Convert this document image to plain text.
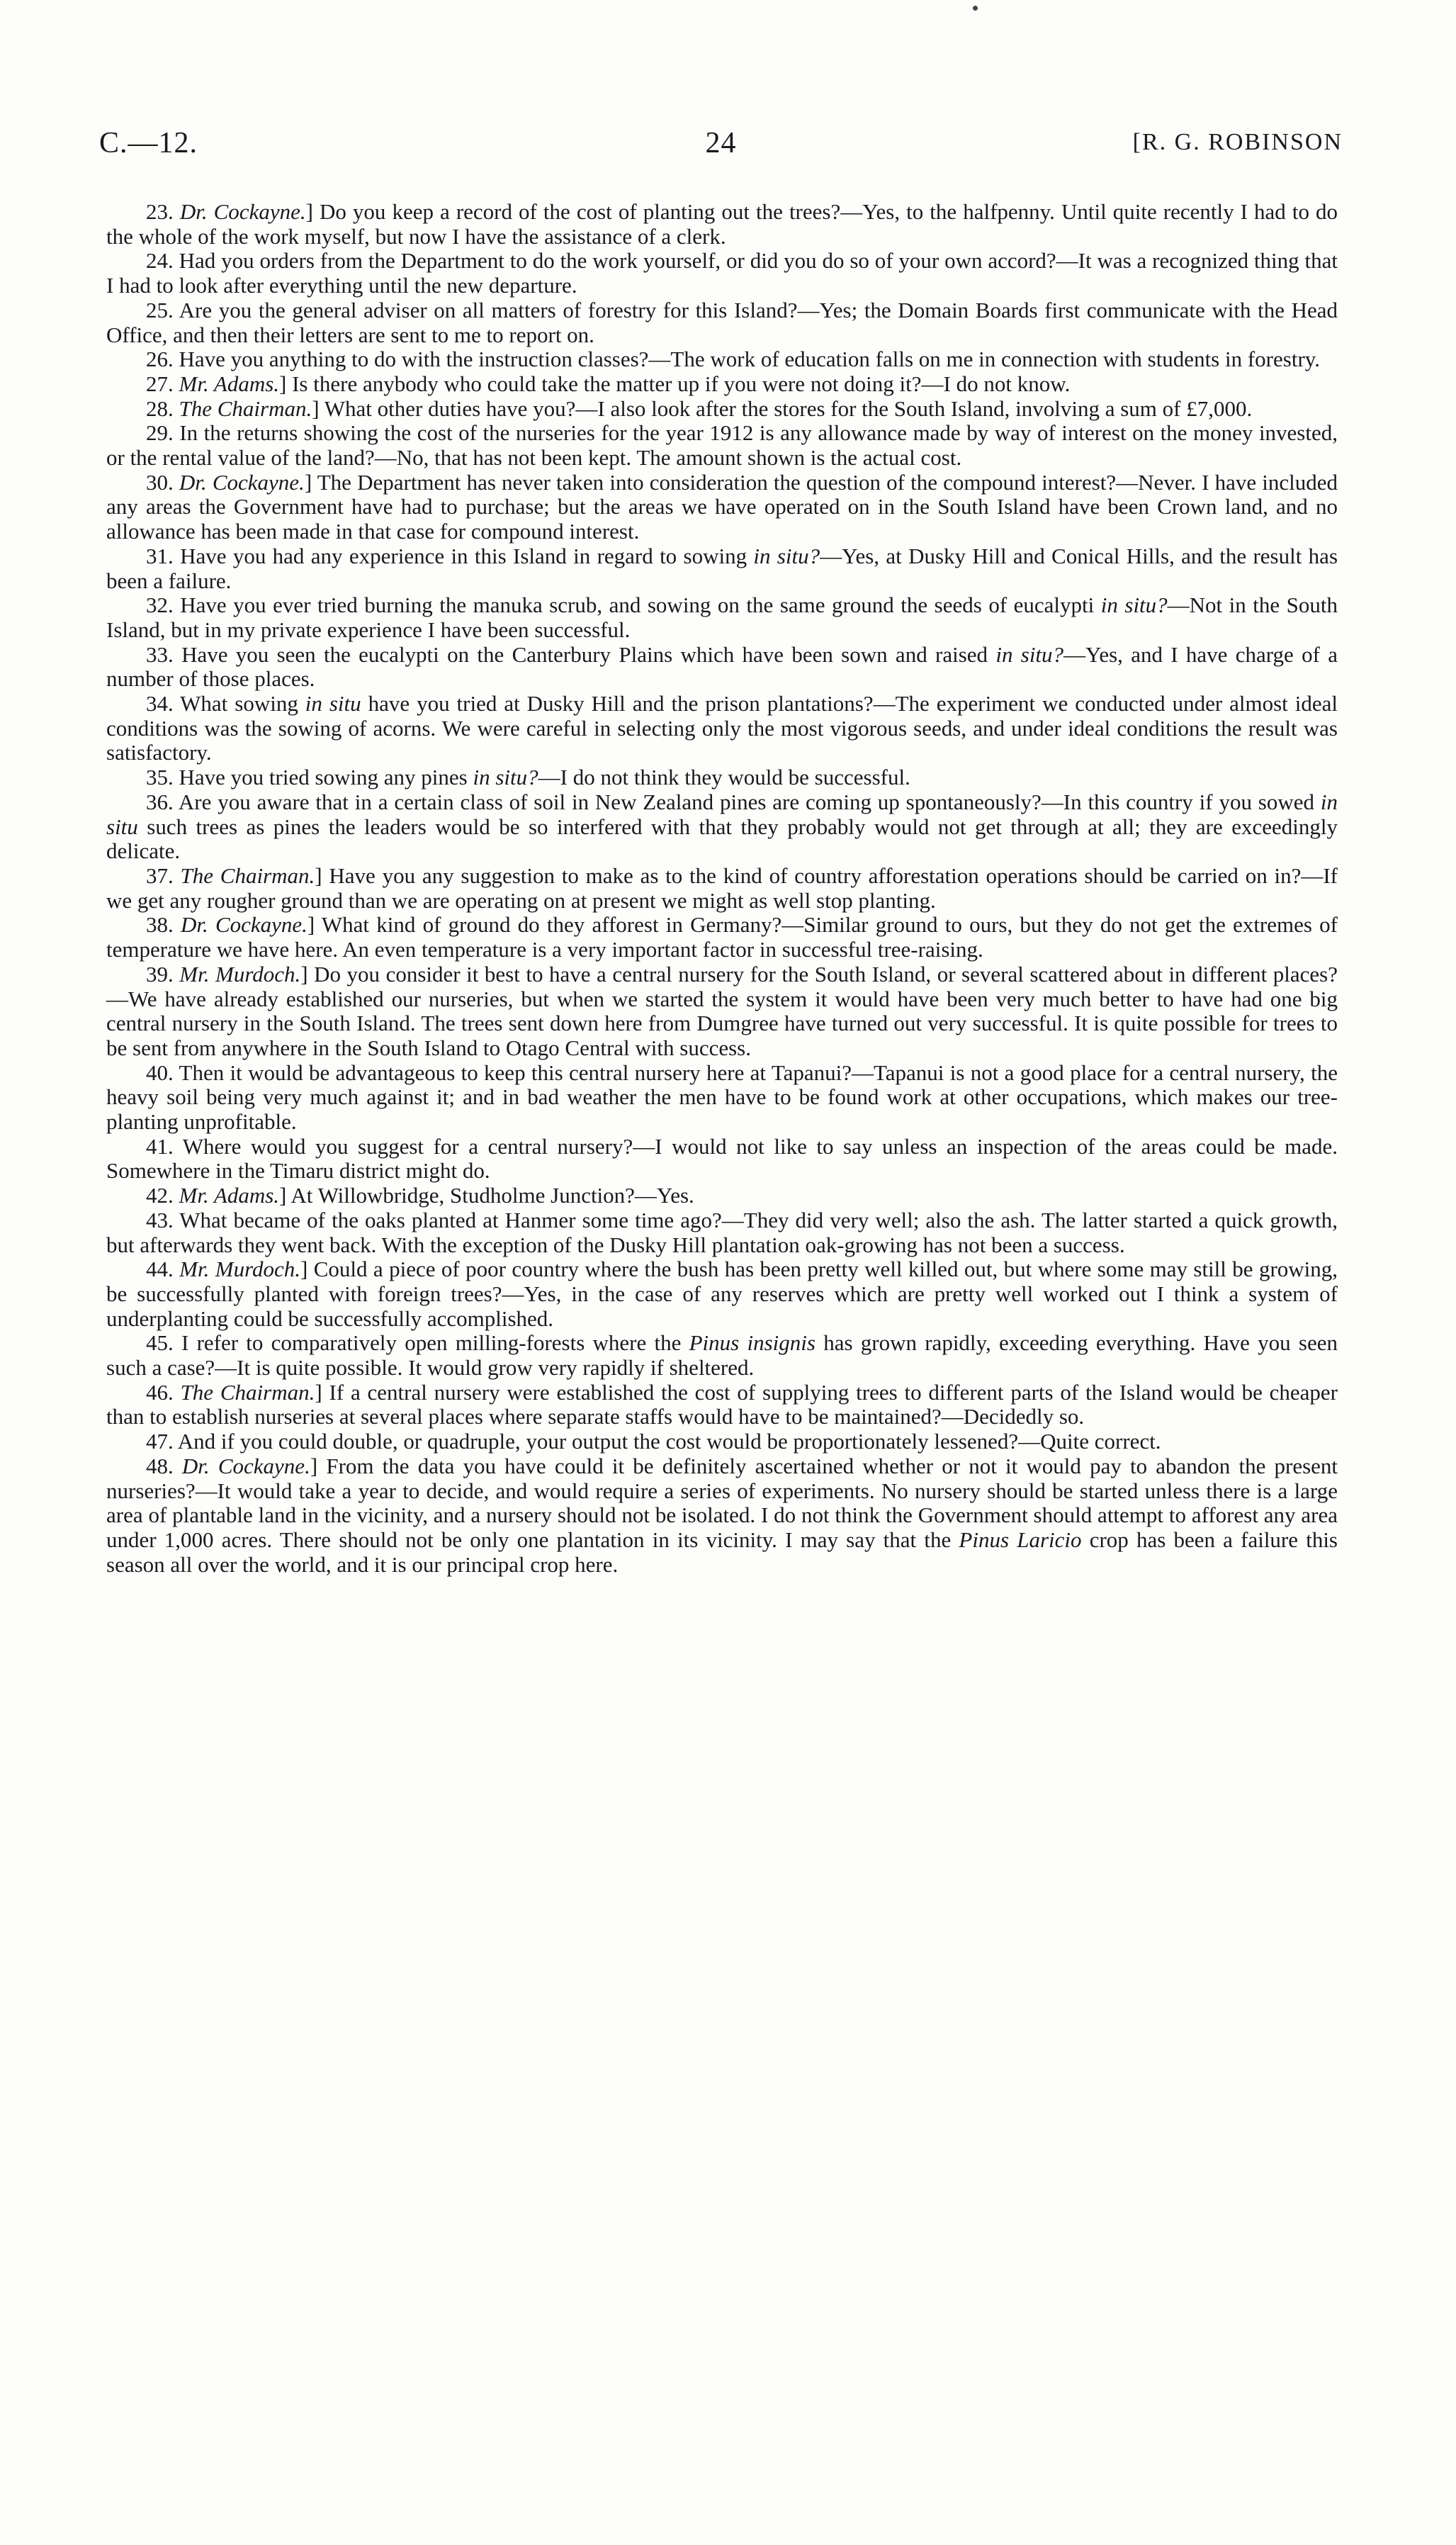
C.—12.	24	[R. G. ROBINSON

23. Dr. Cockayne.] Do you keep a record of the cost of planting out the trees?—Yes, to the halfpenny. Until quite recently I had to do the whole of the work myself, but now I have the assistance of a clerk.

24. Had you orders from the Department to do the work yourself, or did you do so of your own accord?—It was a recognized thing that I had to look after everything until the new departure.

25. Are you the general adviser on all matters of forestry for this Island?—Yes; the Domain Boards first communicate with the Head Office, and then their letters are sent to me to report on.

26. Have you anything to do with the instruction classes?—The work of education falls on me in connection with students in forestry.

27. Mr. Adams.] Is there anybody who could take the matter up if you were not doing it?—I do not know.

28. The Chairman.] What other duties have you?—I also look after the stores for the South Island, involving a sum of £7,000.

29. In the returns showing the cost of the nurseries for the year 1912 is any allowance made by way of interest on the money invested, or the rental value of the land?—No, that has not been kept. The amount shown is the actual cost.

30. Dr. Cockayne.] The Department has never taken into consideration the question of the compound interest?—Never. I have included any areas the Government have had to purchase; but the areas we have operated on in the South Island have been Crown land, and no allowance has been made in that case for compound interest.

31. Have you had any experience in this Island in regard to sowing in situ?—Yes, at Dusky Hill and Conical Hills, and the result has been a failure.

32. Have you ever tried burning the manuka scrub, and sowing on the same ground the seeds of eucalypti in situ?—Not in the South Island, but in my private experience I have been successful.

33. Have you seen the eucalypti on the Canterbury Plains which have been sown and raised in situ?—Yes, and I have charge of a number of those places.

34. What sowing in situ have you tried at Dusky Hill and the prison plantations?—The experiment we conducted under almost ideal conditions was the sowing of acorns. We were careful in selecting only the most vigorous seeds, and under ideal conditions the result was satisfactory.

35. Have you tried sowing any pines in situ?—I do not think they would be successful.

36. Are you aware that in a certain class of soil in New Zealand pines are coming up spontaneously?—In this country if you sowed in situ such trees as pines the leaders would be so interfered with that they probably would not get through at all; they are exceedingly delicate.

37. The Chairman.] Have you any suggestion to make as to the kind of country afforestation operations should be carried on in?—If we get any rougher ground than we are operating on at present we might as well stop planting.

38. Dr. Cockayne.] What kind of ground do they afforest in Germany?—Similar ground to ours, but they do not get the extremes of temperature we have here. An even temperature is a very important factor in successful tree-raising.

39. Mr. Murdoch.] Do you consider it best to have a central nursery for the South Island, or several scattered about in different places?—We have already established our nurseries, but when we started the system it would have been very much better to have had one big central nursery in the South Island. The trees sent down here from Dumgree have turned out very successful. It is quite possible for trees to be sent from anywhere in the South Island to Otago Central with success.

40. Then it would be advantageous to keep this central nursery here at Tapanui?—Tapanui is not a good place for a central nursery, the heavy soil being very much against it; and in bad weather the men have to be found work at other occupations, which makes our tree-planting unprofitable.

41. Where would you suggest for a central nursery?—I would not like to say unless an inspection of the areas could be made. Somewhere in the Timaru district might do.

42. Mr. Adams.] At Willowbridge, Studholme Junction?—Yes.

43. What became of the oaks planted at Hanmer some time ago?—They did very well; also the ash. The latter started a quick growth, but afterwards they went back. With the exception of the Dusky Hill plantation oak-growing has not been a success.

44. Mr. Murdoch.] Could a piece of poor country where the bush has been pretty well killed out, but where some may still be growing, be successfully planted with foreign trees?—Yes, in the case of any reserves which are pretty well worked out I think a system of underplanting could be successfully accomplished.

45. I refer to comparatively open milling-forests where the Pinus insignis has grown rapidly, exceeding everything. Have you seen such a case?—It is quite possible. It would grow very rapidly if sheltered.

46. The Chairman.] If a central nursery were established the cost of supplying trees to different parts of the Island would be cheaper than to establish nurseries at several places where separate staffs would have to be maintained?—Decidedly so.

47. And if you could double, or quadruple, your output the cost would be proportionately lessened?—Quite correct.

48. Dr. Cockayne.] From the data you have could it be definitely ascertained whether or not it would pay to abandon the present nurseries?—It would take a year to decide, and would require a series of experiments. No nursery should be started unless there is a large area of plantable land in the vicinity, and a nursery should not be isolated. I do not think the Government should attempt to afforest any area under 1,000 acres. There should not be only one plantation in its vicinity. I may say that the Pinus Laricio crop has been a failure this season all over the world, and it is our principal crop here.
